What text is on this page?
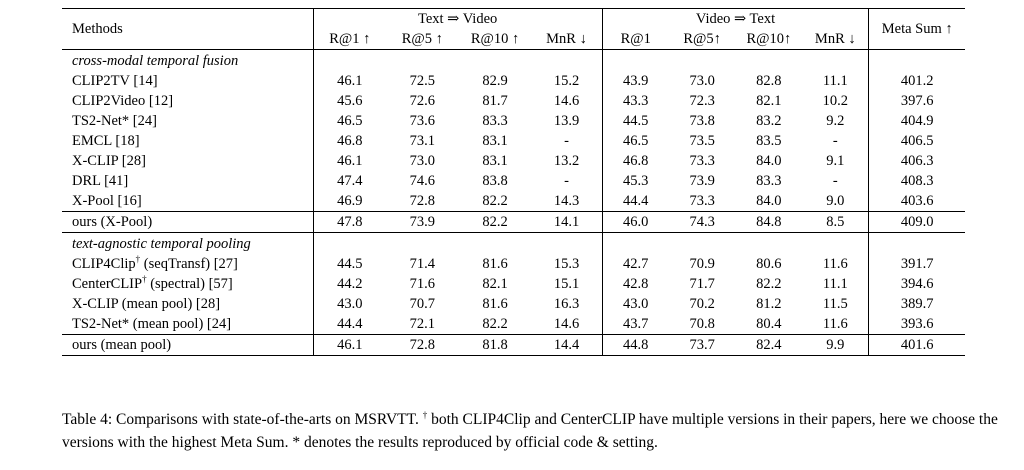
Methods	Text ⇒ Video				Video ⇒ Text				Meta Sum ↑
	R@1 ↑	R@5 ↑	R@10 ↑	MnR ↓	R@1	R@5↑	R@10↑	MnR ↓	
cross-modal temporal fusion									
CLIP2TV [14]	46.1	72.5	82.9	15.2	43.9	73.0	82.8	11.1	401.2
CLIP2Video [12]	45.6	72.6	81.7	14.6	43.3	72.3	82.1	10.2	397.6
TS2-Net* [24]	46.5	73.6	83.3	13.9	44.5	73.8	83.2	9.2	404.9
EMCL [18]	46.8	73.1	83.1	-	46.5	73.5	83.5	-	406.5
X-CLIP [28]	46.1	73.0	83.1	13.2	46.8	73.3	84.0	9.1	406.3
DRL [41]	47.4	74.6	83.8	-	45.3	73.9	83.3	-	408.3
X-Pool [16]	46.9	72.8	82.2	14.3	44.4	73.3	84.0	9.0	403.6
ours (X-Pool)	47.8	73.9	82.2	14.1	46.0	74.3	84.8	8.5	409.0
text-agnostic temporal pooling									
CLIP4Clip† (seqTransf) [27]	44.5	71.4	81.6	15.3	42.7	70.9	80.6	11.6	391.7
CenterCLIP† (spectral) [57]	44.2	71.6	82.1	15.1	42.8	71.7	82.2	11.1	394.6
X-CLIP (mean pool) [28]	43.0	70.7	81.6	16.3	43.0	70.2	81.2	11.5	389.7
TS2-Net* (mean pool) [24]	44.4	72.1	82.2	14.6	43.7	70.8	80.4	11.6	393.6
ours (mean pool)	46.1	72.8	81.8	14.4	44.8	73.7	82.4	9.9	401.6
Table 4: Comparisons with state-of-the-arts on MSRVTT. † both CLIP4Clip and CenterCLIP have multiple versions in their papers, here we choose the versions with the highest Meta Sum. * denotes the results reproduced by official code & setting.
